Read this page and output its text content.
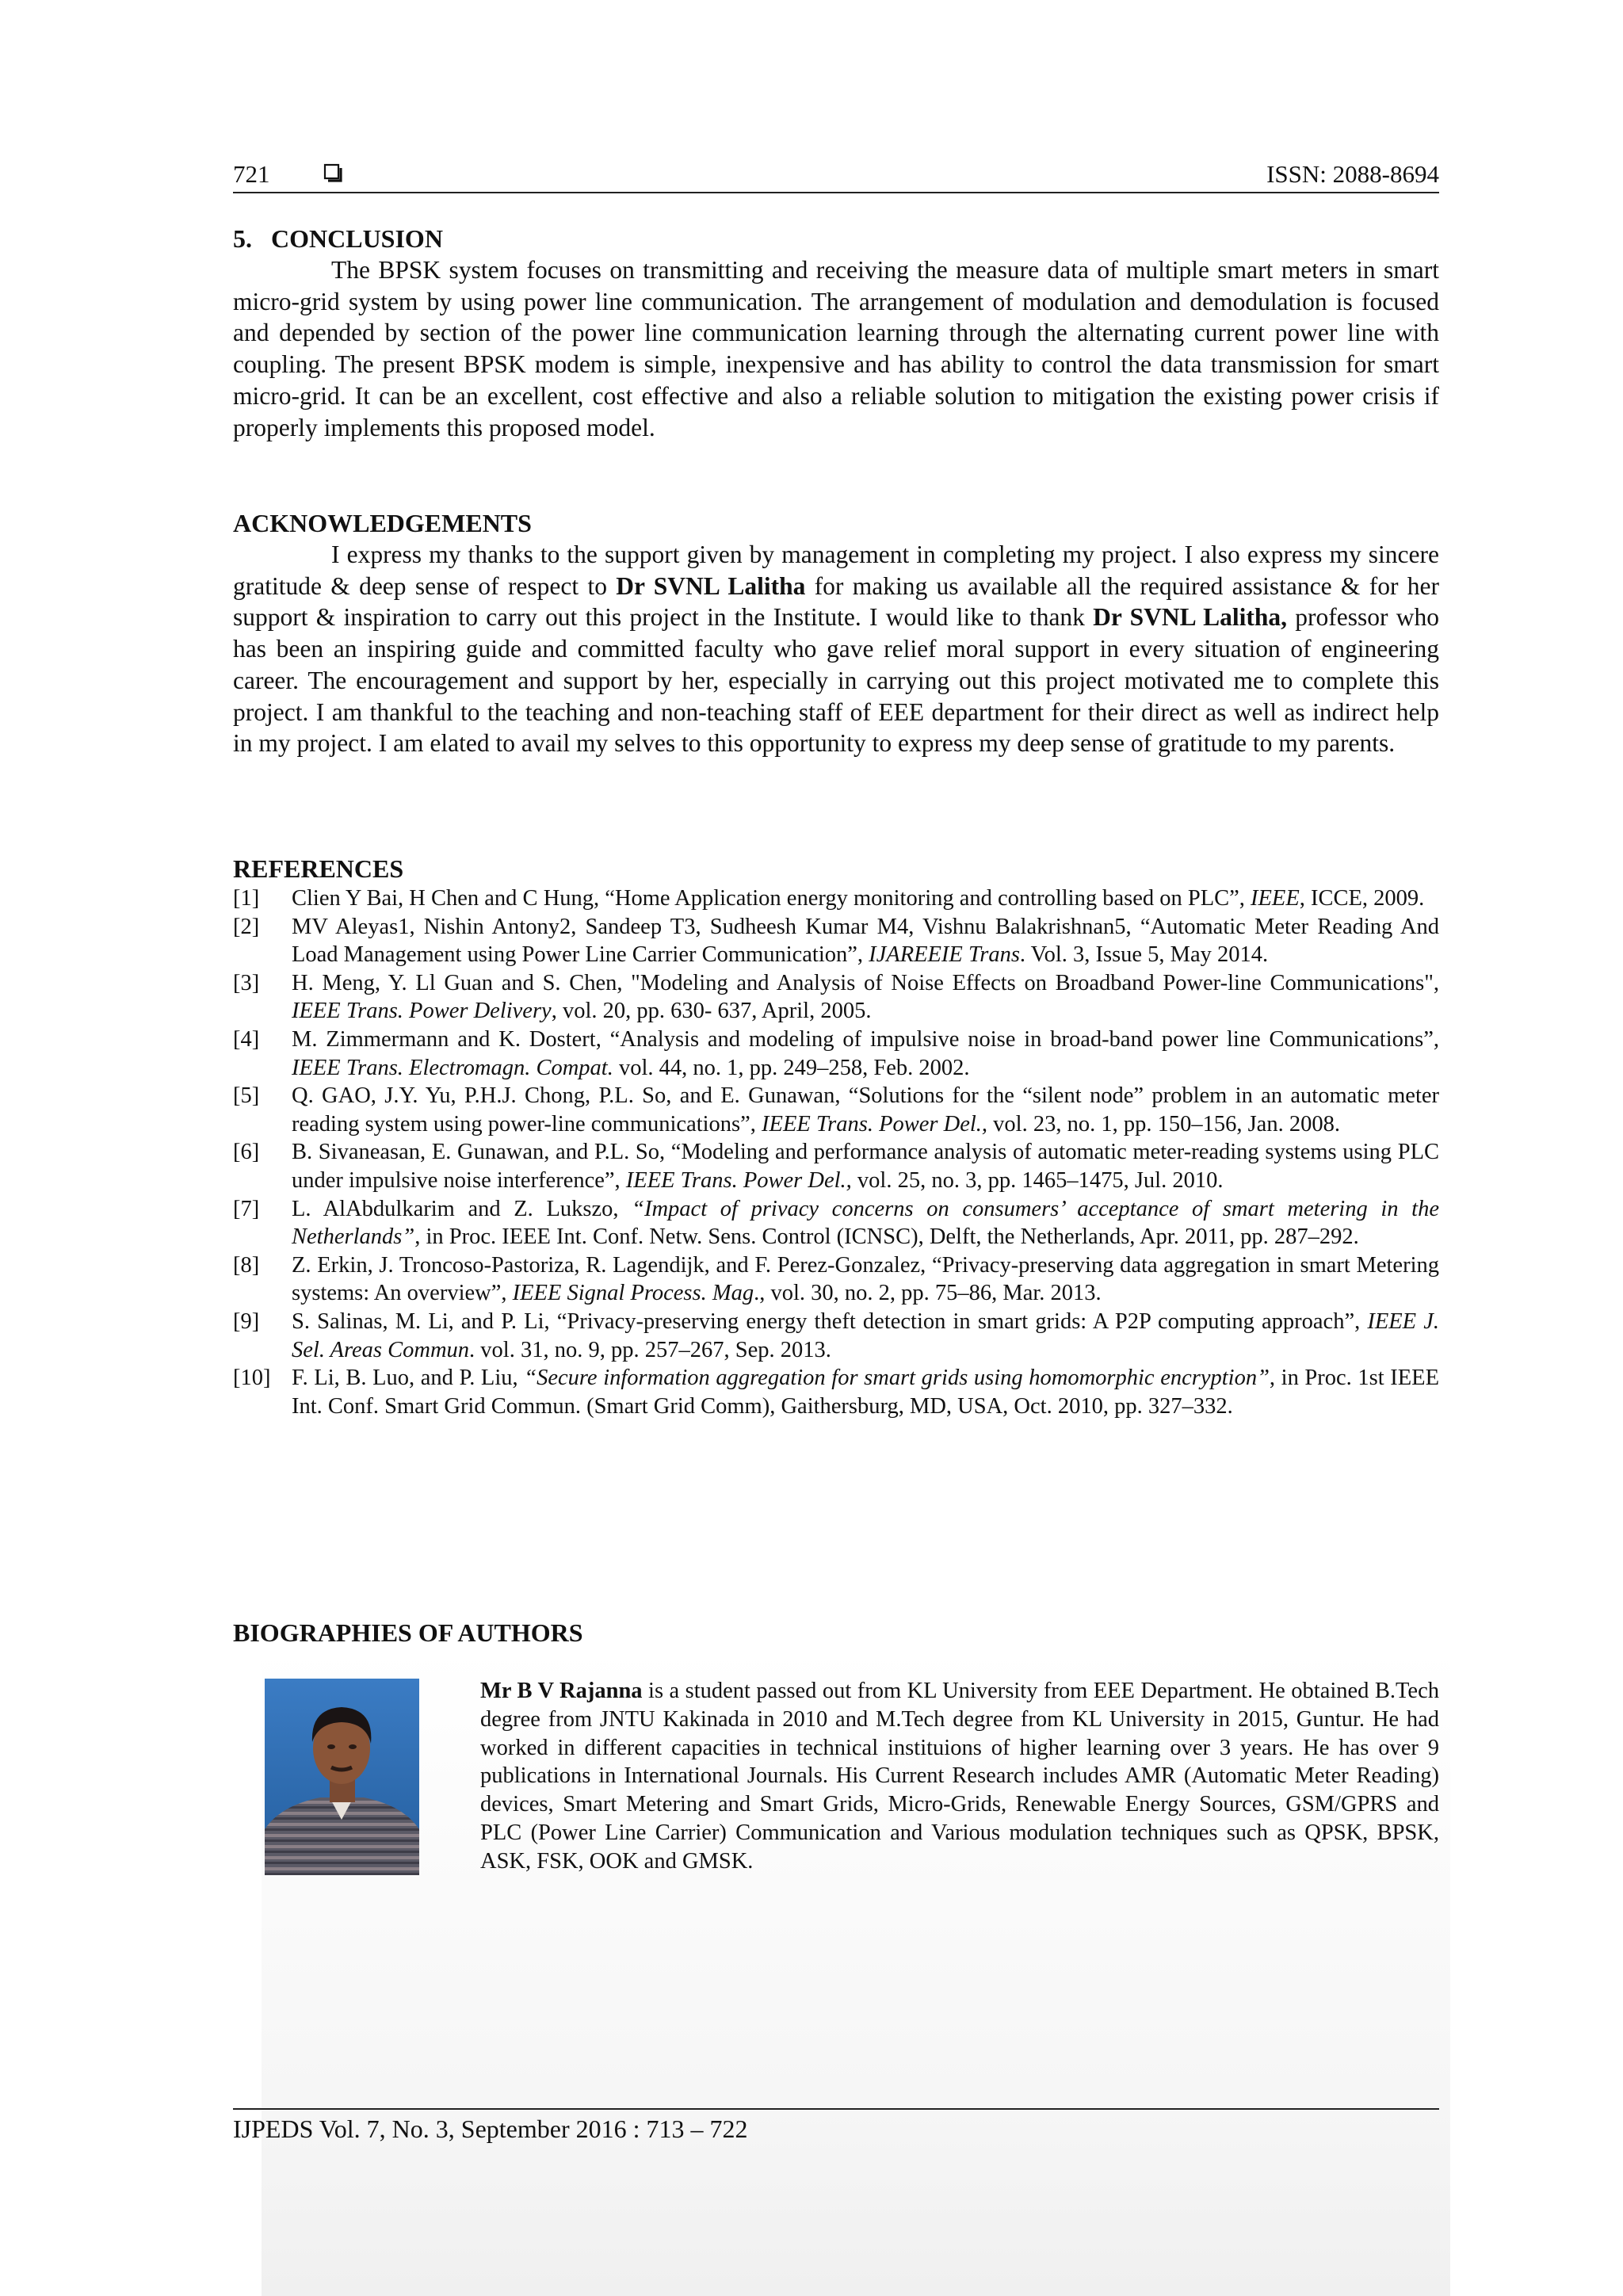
721	ISSN: 2088-8694
5.   CONCLUSION

The BPSK system focuses on transmitting and receiving the measure data of multiple smart meters in smart micro-grid system by using power line communication. The arrangement of modulation and demodulation is focused and depended by section of the power line communication learning through the alternating current power line with coupling. The present BPSK modem is simple, inexpensive and has ability to control the data transmission for smart micro-grid. It can be an excellent, cost effective and also a reliable solution to mitigation the existing power crisis if properly implements this proposed model.

ACKNOWLEDGEMENTS

I express my thanks to the support given by management in completing my project. I also express my sincere gratitude & deep sense of respect to Dr SVNL Lalitha for making us available all the required assistance & for her support & inspiration to carry out this project in the Institute. I would like to thank Dr SVNL Lalitha, professor who has been an inspiring guide and committed faculty who gave relief moral support in every situation of engineering career. The encouragement and support by her, especially in carrying out this project motivated me to complete this project. I am thankful to the teaching and non-teaching staff of EEE department for their direct as well as indirect help in my project. I am elated to avail my selves to this opportunity to express my deep sense of gratitude to my parents.

REFERENCES
[1] Clien Y Bai, H Chen and C Hung, “Home Application energy monitoring and controlling based on PLC”, IEEE, ICCE, 2009.
[2] MV Aleyas1, Nishin Antony2, Sandeep T3, Sudheesh Kumar M4, Vishnu Balakrishnan5, “Automatic Meter Reading And Load Management using Power Line Carrier Communication”, IJAREEIE Trans. Vol. 3, Issue 5, May 2014.
[3] H. Meng, Y. Ll Guan and S. Chen, "Modeling and Analysis of Noise Effects on Broadband Power-line Communications", IEEE Trans. Power Delivery, vol. 20, pp. 630- 637, April, 2005.
[4] M. Zimmermann and K. Dostert, “Analysis and modeling of impulsive noise in broad-band power line Communications”, IEEE Trans. Electromagn. Compat. vol. 44, no. 1, pp. 249–258, Feb. 2002.
[5] Q. GAO, J.Y. Yu, P.H.J. Chong, P.L. So, and E. Gunawan, “Solutions for the “silent node” problem in an automatic meter reading system using power-line communications”, IEEE Trans. Power Del., vol. 23, no. 1, pp. 150–156, Jan. 2008.
[6] B. Sivaneasan, E. Gunawan, and P.L. So, “Modeling and performance analysis of automatic meter-reading systems using PLC under impulsive noise interference”, IEEE Trans. Power Del., vol. 25, no. 3, pp. 1465–1475, Jul. 2010.
[7] L. AlAbdulkarim and Z. Lukszo, “Impact of privacy concerns on consumers’ acceptance of smart metering in the Netherlands”, in Proc. IEEE Int. Conf. Netw. Sens. Control (ICNSC), Delft, the Netherlands, Apr. 2011, pp. 287–292.
[8] Z. Erkin, J. Troncoso-Pastoriza, R. Lagendijk, and F. Perez-Gonzalez, “Privacy-preserving data aggregation in smart Metering systems: An overview”, IEEE Signal Process. Mag., vol. 30, no. 2, pp. 75–86, Mar. 2013.
[9] S. Salinas, M. Li, and P. Li, “Privacy-preserving energy theft detection in smart grids: A P2P computing approach”, IEEE J. Sel. Areas Commun. vol. 31, no. 9, pp. 257–267, Sep. 2013.
[10] F. Li, B. Luo, and P. Liu, “Secure information aggregation for smart grids using homomorphic encryption”, in Proc. 1st IEEE Int. Conf. Smart Grid Commun. (Smart Grid Comm), Gaithersburg, MD, USA, Oct. 2010, pp. 327–332.
BIOGRAPHIES OF AUTHORS

Mr B V Rajanna is a student passed out from KL University from EEE Department. He obtained B.Tech degree from JNTU Kakinada in 2010 and M.Tech degree from KL University in 2015, Guntur. He had worked in different capacities in technical instituions of higher learning over 3 years. He has over 9 publications in International Journals. His Current Research includes AMR (Automatic Meter Reading) devices, Smart Metering and Smart Grids, Micro-Grids, Renewable Energy Sources, GSM/GPRS and PLC (Power Line Carrier) Communication and Various modulation techniques such as QPSK, BPSK, ASK, FSK, OOK and GMSK.

IJPEDS Vol. 7, No. 3, September 2016 : 713 – 722
